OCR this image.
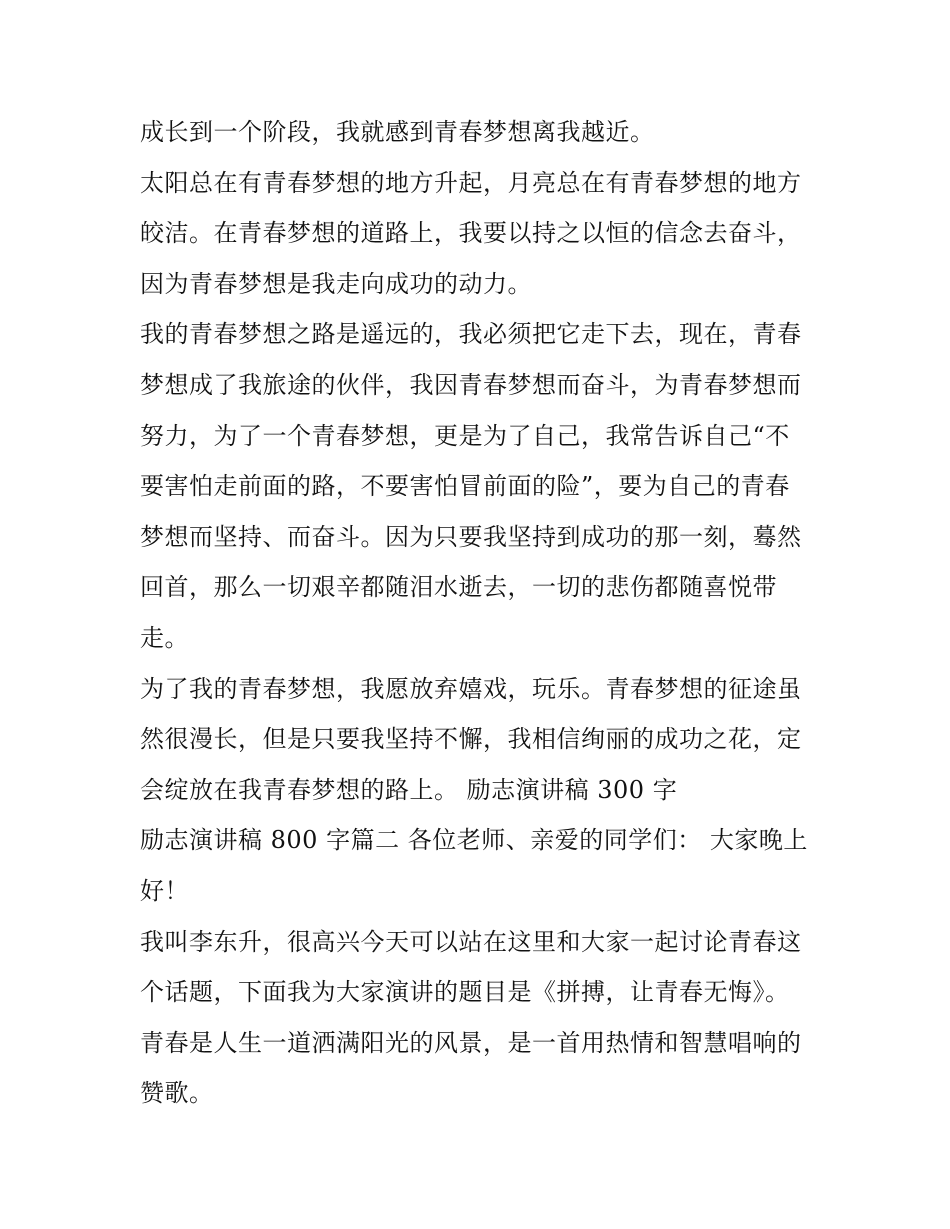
成长到一个阶段，我就感到青春梦想离我越近。
太阳总在有青春梦想的地方升起，月亮总在有青春梦想的地方
皎洁。在青春梦想的道路上，我要以持之以恒的信念去奋斗，
因为青春梦想是我走向成功的动力。
我的青春梦想之路是遥远的，我必须把它走下去，现在，青春
梦想成了我旅途的伙伴，我因青春梦想而奋斗，为青春梦想而
努力，为了一个青春梦想，更是为了自己，我常告诉自己“不
要害怕走前面的路，不要害怕冒前面的险”，要为自己的青春
梦想而坚持、而奋斗。因为只要我坚持到成功的那一刻，蓦然
回首，那么一切艰辛都随泪水逝去，一切的悲伤都随喜悦带
走。
为了我的青春梦想，我愿放弃嬉戏，玩乐。青春梦想的征途虽
然很漫长，但是只要我坚持不懈，我相信绚丽的成功之花，定
会绽放在我青春梦想的路上。 励志演讲稿 300 字
励志演讲稿 800 字篇二 各位老师、亲爱的同学们： 大家晚上
好！
我叫李东升，很高兴今天可以站在这里和大家一起讨论青春这
个话题，下面我为大家演讲的题目是《拼搏，让青春无悔》。
青春是人生一道洒满阳光的风景，是一首用热情和智慧唱响的
赞歌。
